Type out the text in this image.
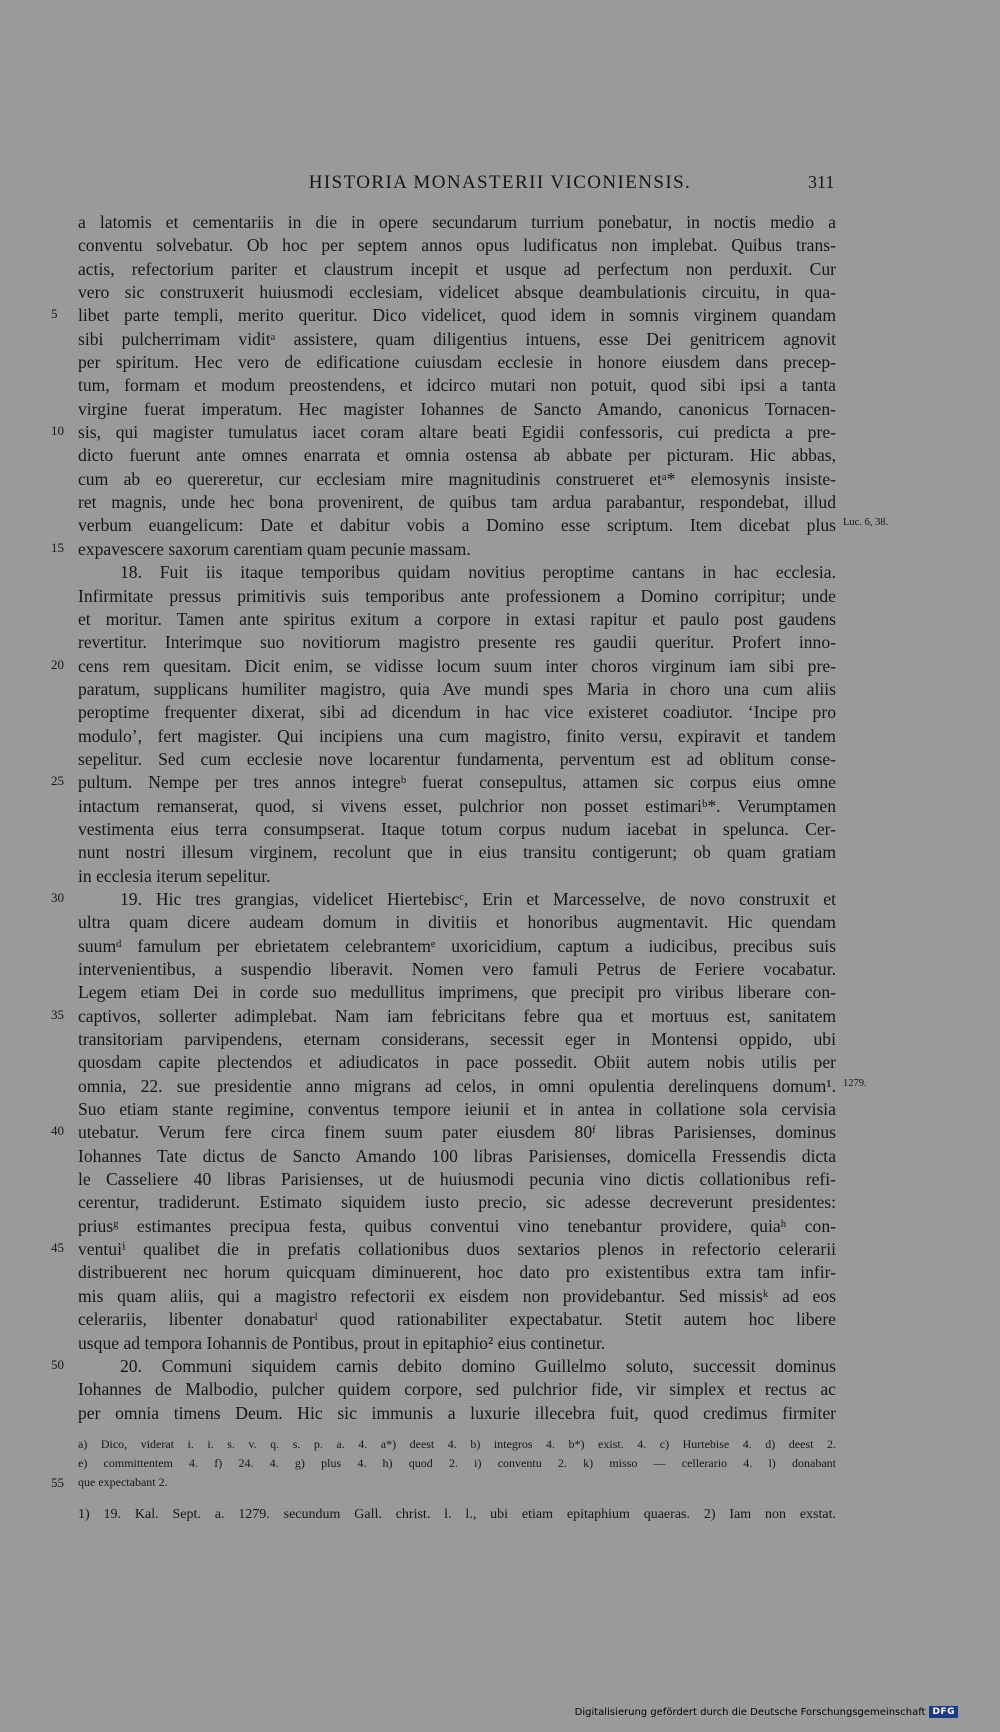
HISTORIA MONASTERII VICONIENSIS.	311
a latomis et cementariis in die in opere secundarum turrium ponebatur, in noctis medio a
conventu solvebatur. Ob hoc per septem annos opus ludificatus non implebat. Quibus trans-
actis, refectorium pariter et claustrum incepit et usque ad perfectum non perduxit. Cur
vero sic construxerit huiusmodi ecclesiam, videlicet absque deambulationis circuitu, in qua-
5 libet parte templi, merito queritur. Dico videlicet, quod idem in somnis virginem quandam
sibi pulcherrimam viditᵃ assistere, quam diligentius intuens, esse Dei genitricem agnovit
per spiritum. Hec vero de edificatione cuiusdam ecclesie in honore eiusdem dans precep-
tum, formam et modum preostendens, et idcirco mutari non potuit, quod sibi ipsi a tanta
virgine fuerat imperatum. Hec magister Iohannes de Sancto Amando, canonicus Tornacen-
10 sis, qui magister tumulatus iacet coram altare beati Egidii confessoris, cui predicta a pre-
dicto fuerunt ante omnes enarrata et omnia ostensa ab abbate per picturam. Hic abbas,
cum ab eo quereretur, cur ecclesiam mire magnitudinis construeret etᵃ* elemosynis insiste-
ret magnis, unde hec bona provenirent, de quibus tam ardua parabantur, respondebat, illud
verbum euangelicum: Date et dabitur vobis a Domino esse scriptum. Item dicebat plus Luc. 6, 38.
15 expavescere saxorum carentiam quam pecunie massam.
18. Fuit iis itaque temporibus quidam novitius peroptime cantans in hac ecclesia.
Infirmitate pressus primitivis suis temporibus ante professionem a Domino corripitur; unde
et moritur. Tamen ante spiritus exitum a corpore in extasi rapitur et paulo post gaudens
revertitur. Interimque suo novitiorum magistro presente res gaudii queritur. Profert inno-
20 cens rem quesitam. Dicit enim, se vidisse locum suum inter choros virginum iam sibi pre-
paratum, supplicans humiliter magistro, quia Ave mundi spes Maria in choro una cum aliis
peroptime frequenter dixerat, sibi ad dicendum in hac vice existeret coadiutor. ‘Incipe pro
modulo’, fert magister. Qui incipiens una cum magistro, finito versu, expiravit et tandem
sepelitur. Sed cum ecclesie nove locarentur fundamenta, perventum est ad oblitum conse-
25 pultum. Nempe per tres annos integreᵇ fuerat consepultus, attamen sic corpus eius omne
intactum remanserat, quod, si vivens esset, pulchrior non posset estimariᵇ*. Verumptamen
vestimenta eius terra consumpserat. Itaque totum corpus nudum iacebat in spelunca. Cer-
nunt nostri illesum virginem, recolunt que in eius transitu contigerunt; ob quam gratiam
in ecclesia iterum sepelitur.
30	19. Hic tres grangias, videlicet Hiertebiscᶜ, Erin et Marcesselve, de novo construxit et
ultra quam dicere audeam domum in divitiis et honoribus augmentavit. Hic quendam
suumᵈ famulum per ebrietatem celebrantemᵉ uxoricidium, captum a iudicibus, precibus suis
intervenientibus, a suspendio liberavit. Nomen vero famuli Petrus de Feriere vocabatur.
Legem etiam Dei in corde suo medullitus imprimens, que precipit pro viribus liberare con-
35 captivos, sollerter adimplebat. Nam iam febricitans febre qua et mortuus est, sanitatem
transitoriam parvipendens, eternam considerans, secessit eger in Montensi oppido, ubi
quosdam capite plectendos et adiudicatos in pace possedit. Obiit autem nobis utilis per
omnia, 22. sue presidentie anno migrans ad celos, in omni opulentia derelinquens domum¹. 1279.
Suo etiam stante regimine, conventus tempore ieiunii et in antea in collatione sola cervisia
40 utebatur. Verum fere circa finem suum pater eiusdem 80ᶠ libras Parisienses, dominus
Iohannes Tate dictus de Sancto Amando 100 libras Parisienses, domicella Fressendis dicta
le Casseliere 40 libras Parisienses, ut de huiusmodi pecunia vino dictis collationibus refi-
cerentur, tradiderunt. Estimato siquidem iusto precio, sic adesse decreverunt presidentes:
priusᵍ estimantes precipua festa, quibus conventui vino tenebantur providere, quiaʰ con-
45 ventuiⁱ qualibet die in prefatis collationibus duos sextarios plenos in refectorio celerarii
distribuerent nec horum quicquam diminuerent, hoc dato pro existentibus extra tam infir-
mis quam aliis, qui a magistro refectorii ex eisdem non providebantur. Sed missisᵏ ad eos
celerariis, libenter donabaturˡ quod rationabiliter expectabatur. Stetit autem hoc libere
usque ad tempora Iohannis de Pontibus, prout in epitaphio² eius continetur.
50	20. Communi siquidem carnis debito domino Guillelmo soluto, successit dominus
Iohannes de Malbodio, pulcher quidem corpore, sed pulchrior fide, vir simplex et rectus ac
per omnia timens Deum. Hic sic immunis a luxurie illecebra fuit, quod credimus firmiter
a) Dico, viderat i. i. s. v. q. s. p. a. 4. a*) deest 4. b) integros 4. b*) exist. 4. c) Hurtebise 4. d) deest 2.
e) committentem 4. f) 24. 4. g) plus 4. h) quod 2. i) conventu 2. k) misso — cellerario 4. l) donabant
55 que expectabant 2.
1) 19. Kal. Sept. a. 1279. secundum Gall. christ. l. l., ubi etiam epitaphium quaeras. 2) Iam non exstat.
Digitalisierung gefördert durch die Deutsche Forschungsgemeinschaft DFG
